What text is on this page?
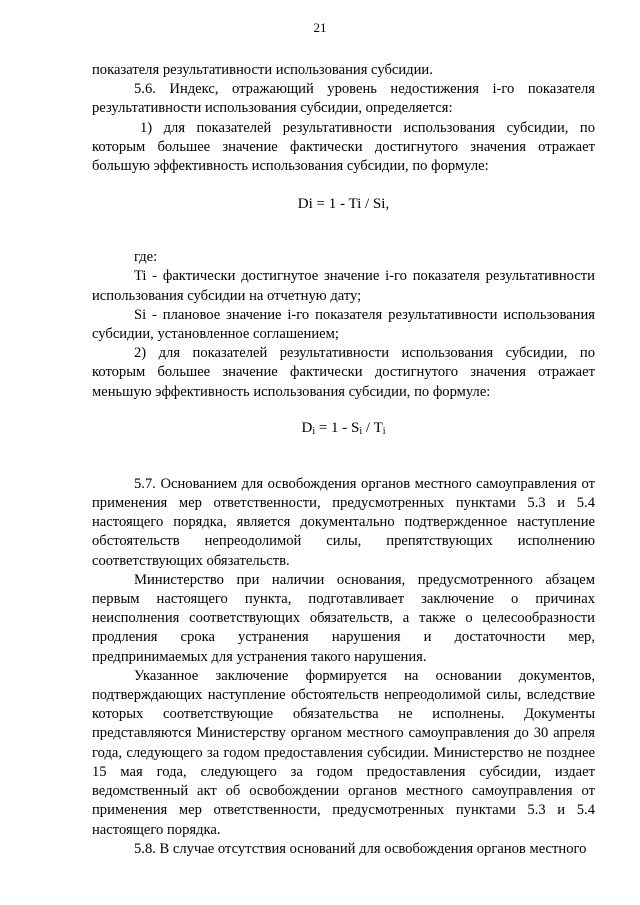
21

показателя результативности использования субсидии.

5.6. Индекс, отражающий уровень недостижения i-го показателя результативности использования субсидии, определяется:

1) для показателей результативности использования субсидии, по которым большее значение фактически достигнутого значения отражает большую эффективность использования субсидии, по формуле:

Di = 1 - Ti / Si,

где:

Ti - фактически достигнутое значение i-го показателя результативности использования субсидии на отчетную дату;

Si - плановое значение i-го показателя результативности использования субсидии, установленное соглашением;

2) для показателей результативности использования субсидии, по которым большее значение фактически достигнутого значения отражает меньшую эффективность использования субсидии, по формуле:

$D_i = 1 - S_i / T_i$

5.7. Основанием для освобождения органов местного самоуправления от применения мер ответственности, предусмотренных пунктами 5.3 и 5.4 настоящего порядка, является документально подтвержденное наступление обстоятельств непреодолимой силы, препятствующих исполнению соответствующих обязательств.

Министерство при наличии основания, предусмотренного абзацем первым настоящего пункта, подготавливает заключение о причинах неисполнения соответствующих обязательств, а также о целесообразности продления срока устранения нарушения и достаточности мер, предпринимаемых для устранения такого нарушения.

Указанное заключение формируется на основании документов, подтверждающих наступление обстоятельств непреодолимой силы, вследствие которых соответствующие обязательства не исполнены. Документы представляются Министерству органом местного самоуправления до 30 апреля года, следующего за годом предоставления субсидии. Министерство не позднее 15 мая года, следующего за годом предоставления субсидии, издает ведомственный акт об освобождении органов местного самоуправления от применения мер ответственности, предусмотренных пунктами 5.3 и 5.4 настоящего порядка.

5.8. В случае отсутствия оснований для освобождения органов местного
